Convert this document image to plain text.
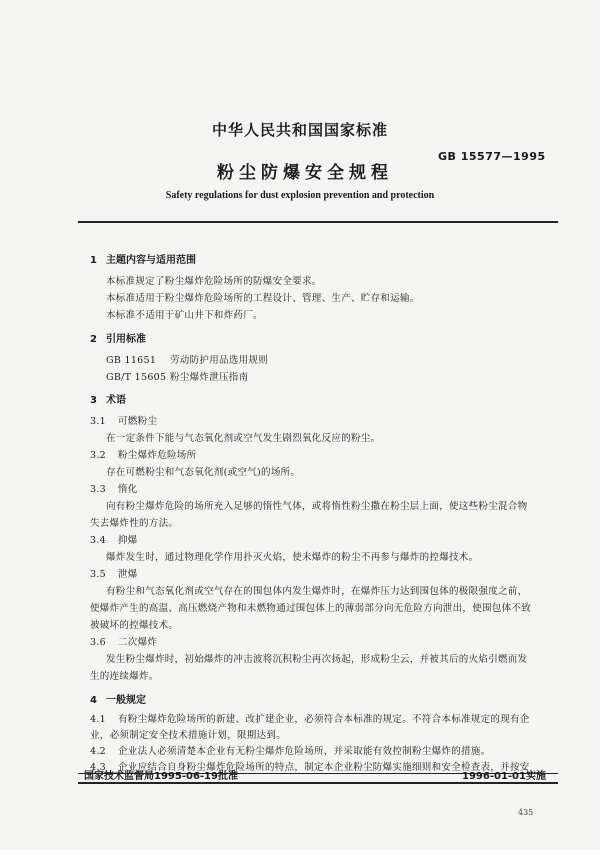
中华人民共和国国家标准
粉尘防爆安全规程
GB 15577—1995
Safety regulations for dust explosion prevention and protection
1 主题内容与适用范围
本标准规定了粉尘爆炸危险场所的防爆安全要求。
本标准适用于粉尘爆炸危险场所的工程设计、管理、生产、贮存和运输。
本标准不适用于矿山井下和炸药厂。
2 引用标准
GB 11651 劳动防护用品选用规则
GB/T 15605 粉尘爆炸泄压指南
3 术语
3.1 可燃粉尘
在一定条件下能与气态氧化剂或空气发生剧烈氧化反应的粉尘。
3.2 粉尘爆炸危险场所
存在可燃粉尘和气态氧化剂(或空气)的场所。
3.3 惰化
向有粉尘爆炸危险的场所充入足够的惰性气体，或将惰性粉尘撒在粉尘层上面，使这些粉尘混合物
失去爆炸性的方法。
3.4 抑爆
爆炸发生时，通过物理化学作用扑灭火焰，使未爆炸的粉尘不再参与爆炸的控爆技术。
3.5 泄爆
有粉尘和气态氧化剂或空气存在的围包体内发生爆炸时，在爆炸压力达到围包体的极限强度之前，
使爆炸产生的高温、高压燃烧产物和未燃物通过围包体上的薄弱部分向无危险方向泄出，使围包体不致
被破坏的控爆技术。
3.6 二次爆炸
发生粉尘爆炸时，初始爆炸的冲击波将沉积粉尘再次扬起，形成粉尘云，并被其后的火焰引燃而发
生的连续爆炸。
4 一般规定
4.1 有粉尘爆炸危险场所的新建、改扩建企业，必须符合本标准的规定。不符合本标准规定的现有企
业，必须制定安全技术措施计划，限期达到。
4.2 企业法人必须清楚本企业有无粉尘爆炸危险场所，并采取能有效控制粉尘爆炸的措施。
国家技术监督局1995-06-19批准	1996-01-01实施
435
4.3 企业应结合自身粉尘爆炸危险场所的特点，制定本企业粉尘防爆实施细则和安全检查表，并按安
